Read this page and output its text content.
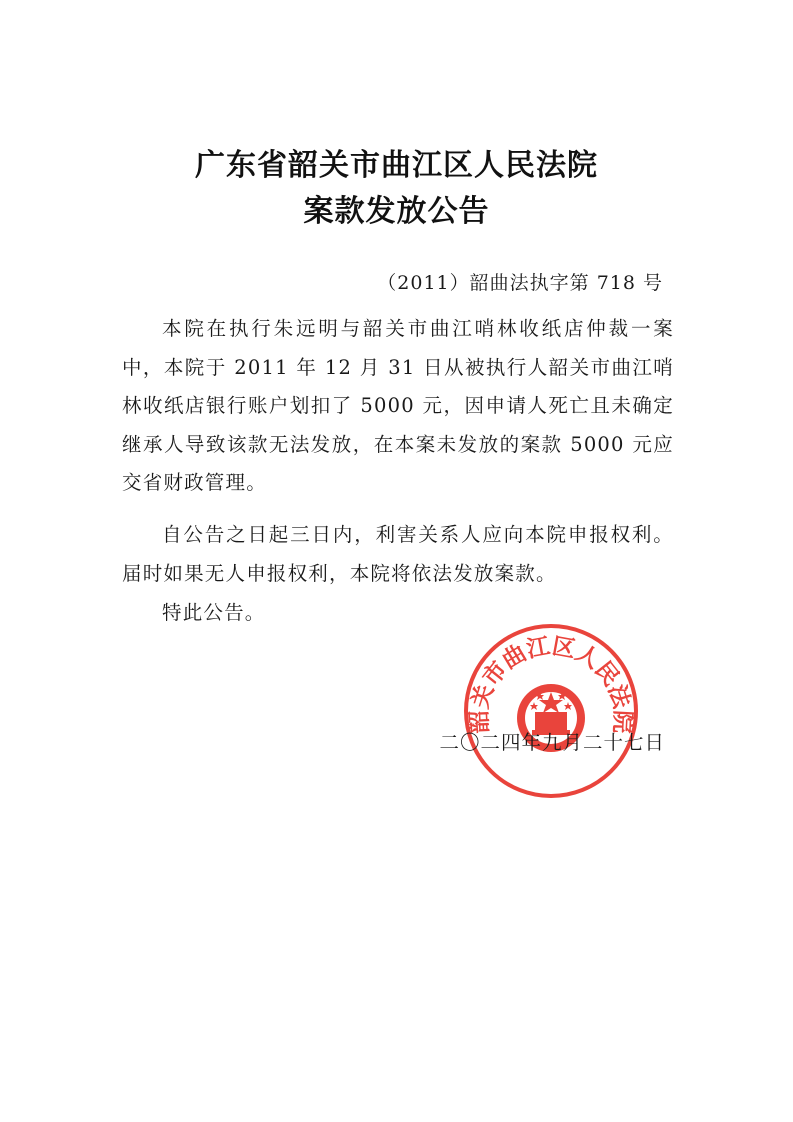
广东省韶关市曲江区人民法院
案款发放公告
（2011）韶曲法执字第 718 号
本院在执行朱远明与韶关市曲江哨林收纸店仲裁一案中，本院于 2011 年 12 月 31 日从被执行人韶关市曲江哨林收纸店银行账户划扣了 5000 元，因申请人死亡且未确定继承人导致该款无法发放，在本案未发放的案款 5000 元应交省财政管理。
自公告之日起三日内，利害关系人应向本院申报权利。届时如果无人申报权利，本院将依法发放案款。
特此公告。
韶关市曲江区人民法院
二〇二四年九月二十七日
